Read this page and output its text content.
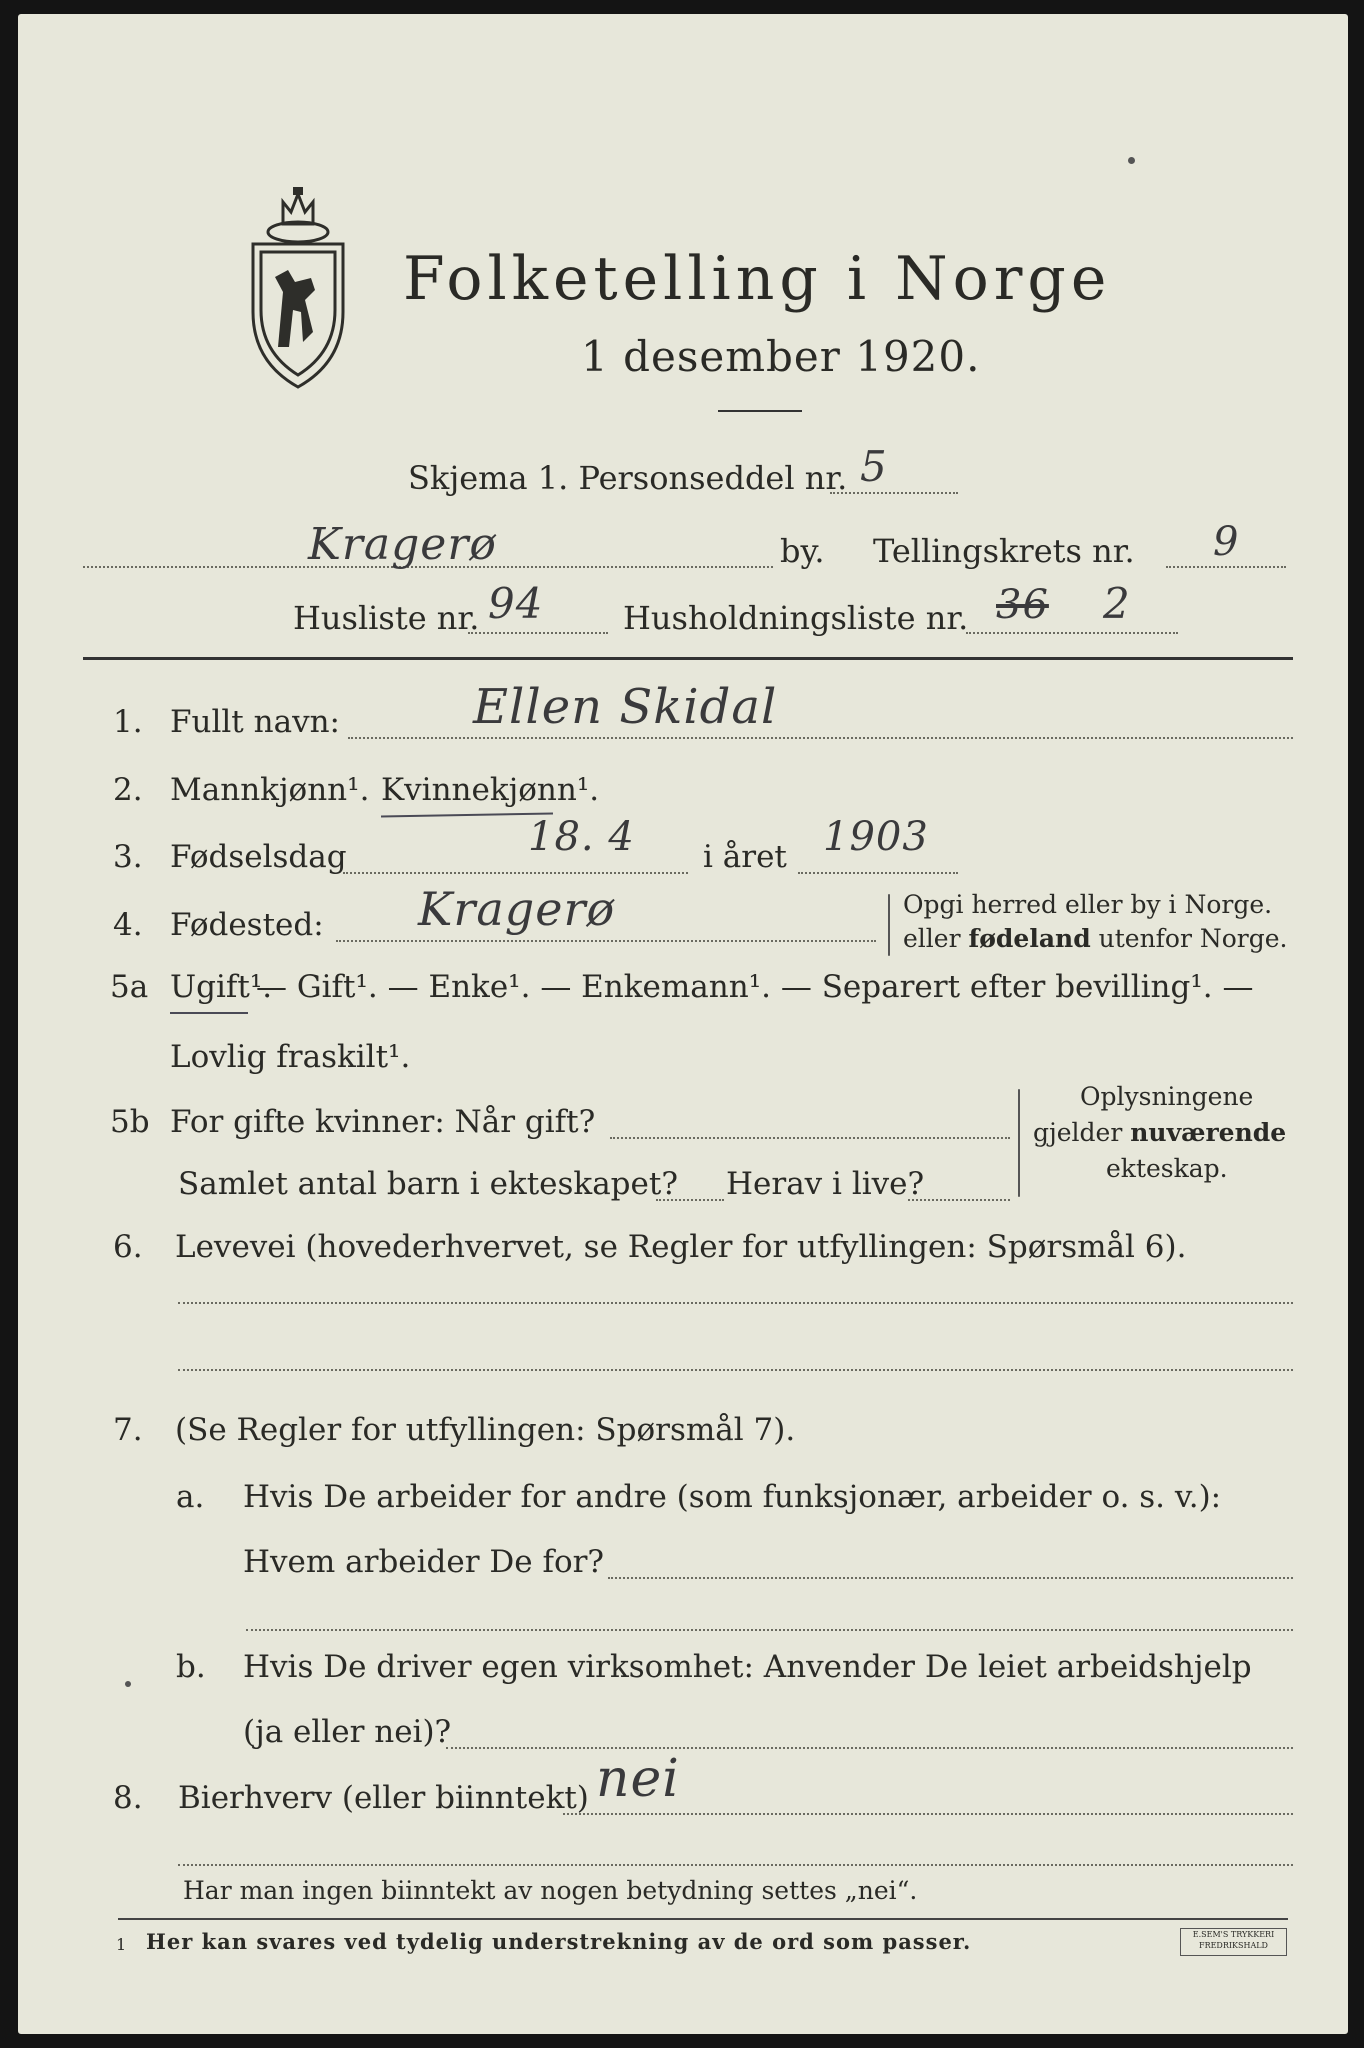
Folketelling i Norge
1 desember 1920.
Skjema 1. Personseddel nr. 5
Kragerø	by. Tellingskrets nr. 9
Husliste nr. 94 Husholdningsliste nr. 36 2
1. Fullt navn:	Ellen Skidal
2. Mannkjønn¹. Kvinnekjønn¹.
3. Fødselsdag	18. 4 i året 1903
4. Fødested: Kragerø	Opgi herred eller by i Norge.
eller fødeland utenfor Norge.
5a Ugift¹.
— Gift¹. — Enke¹. — Enkemann¹. — Separert efter bevilling¹. —
Lovlig fraskilt¹.
5b For gifte kvinner: Når gift?
Samlet antal barn i ekteskapet? Herav i live?
Oplysningene
gjelder nuværende
ekteskap.
6. Levevei (hovederhvervet, se Regler for utfyllingen: Spørsmål 6).
7. (Se Regler for utfyllingen: Spørsmål 7).
a. Hvis De arbeider for andre (som funksjonær, arbeider o. s. v.):
Hvem arbeider De for?
b. Hvis De driver egen virksomhet: Anvender De leiet arbeidshjelp
(ja eller nei)?
8. Bierhverv (eller biinntekt) nei
Har man ingen biinntekt av nogen betydning settes „nei“.
1 Her kan svares ved tydelig understrekning av de ord som passer.	E.SEM'S TRYKKERI
FREDRIKSHALD
